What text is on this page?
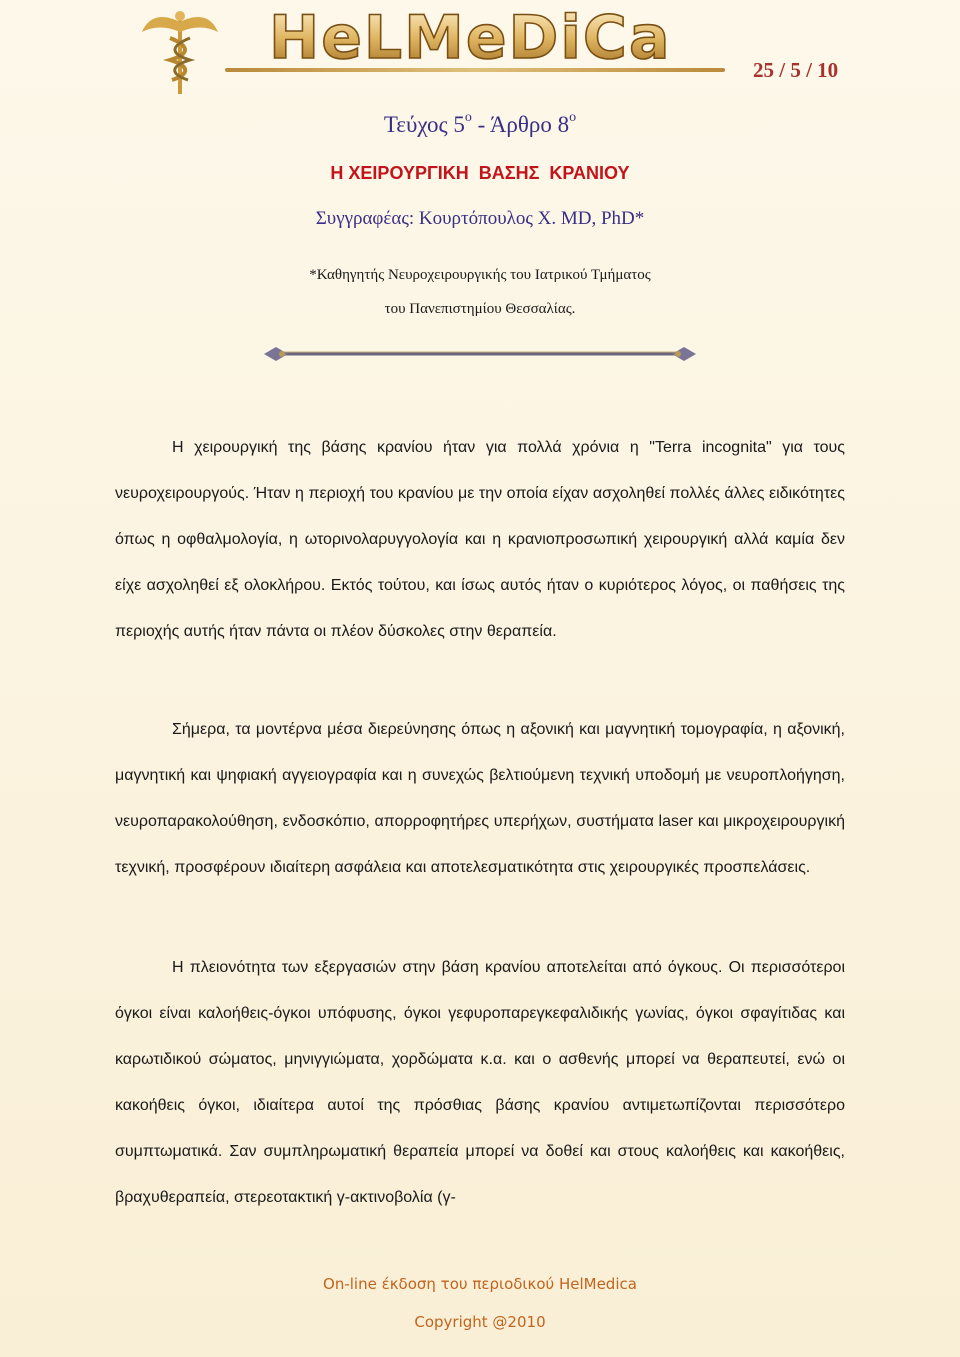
HeLMeDiCa	25 / 5 / 10
Τεύχος $5^o$ - Άρθρο $8^o$
Η ΧΕΙΡΟΥΡΓΙΚΗ  ΒΑΣΗΣ  ΚΡΑΝΙΟΥ
Συγγραφέας: Κουρτόπουλος Χ. MD, PhD*
*Καθηγητής Νευροχειρουργικής του Ιατρικού Τμήματος
του Πανεπιστημίου Θεσσαλίας.

Η χειρουργική της βάσης κρανίου ήταν για πολλά χρόνια η "Terra incognita" για τους νευροχειρουργούς. Ήταν η περιοχή του κρανίου με την οποία είχαν ασχοληθεί πολλές άλλες ειδικότητες όπως η οφθαλμολογία, η ωτορινολαρυγγολογία και η κρανιοπροσωπική χειρουργική αλλά καμία δεν είχε ασχοληθεί εξ ολοκλήρου. Εκτός τούτου, και ίσως αυτός ήταν ο κυριότερος λόγος, οι παθήσεις της περιοχής αυτής ήταν πάντα οι πλέον δύσκολες στην θεραπεία.

Σήμερα, τα μοντέρνα μέσα διερεύνησης όπως η αξονική και μαγνητική τομογραφία, η αξονική, μαγνητική και ψηφιακή αγγειογραφία και η συνεχώς βελτιούμενη τεχνική υποδομή με νευροπλοήγηση, νευροπαρακολούθηση, ενδοσκόπιο, απορροφητήρες υπερήχων, συστήματα laser και μικροχειρουργική τεχνική, προσφέρουν ιδιαίτερη ασφάλεια και αποτελεσματικότητα στις χειρουργικές προσπελάσεις.

Η πλειονότητα των εξεργασιών στην βάση κρανίου αποτελείται από όγκους. Οι περισσότεροι όγκοι είναι καλοήθεις-όγκοι υπόφυσης, όγκοι γεφυροπαρεγκεφαλιδικής γωνίας, όγκοι σφαγίτιδας και καρωτιδικού σώματος, μηνιγγιώματα, χορδώματα κ.α. και ο ασθενής μπορεί να θεραπευτεί, ενώ οι κακοήθεις όγκοι, ιδιαίτερα αυτοί της πρόσθιας βάσης κρανίου αντιμετωπίζονται περισσότερο συμπτωματικά. Σαν συμπληρωματική θεραπεία μπορεί να δοθεί και στους καλοήθεις και κακοήθεις, βραχυθεραπεία, στερεοτακτική γ-ακτινοβολία (γ-

On-line έκδοση του περιοδικού HelMedica
Copyright @2010
